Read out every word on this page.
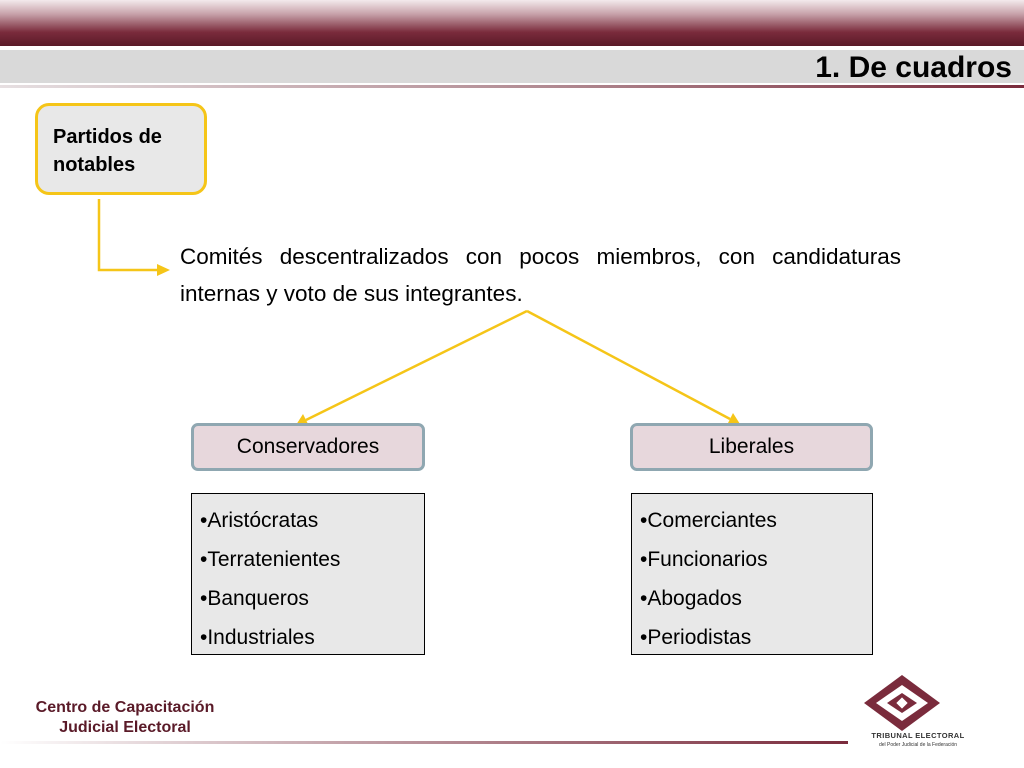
1. De cuadros
Partidos de
notables
Comités descentralizados con pocos miembros, con candidaturas internas y voto de sus integrantes.
Conservadores	Liberales
•Aristócratas
•Terratenientes
•Banqueros
•Industriales
•Comerciantes
•Funcionarios
•Abogados
•Periodistas
Centro de Capacitación
Judicial Electoral	TRIBUNAL ELECTORAL
del Poder Judicial de la Federación
